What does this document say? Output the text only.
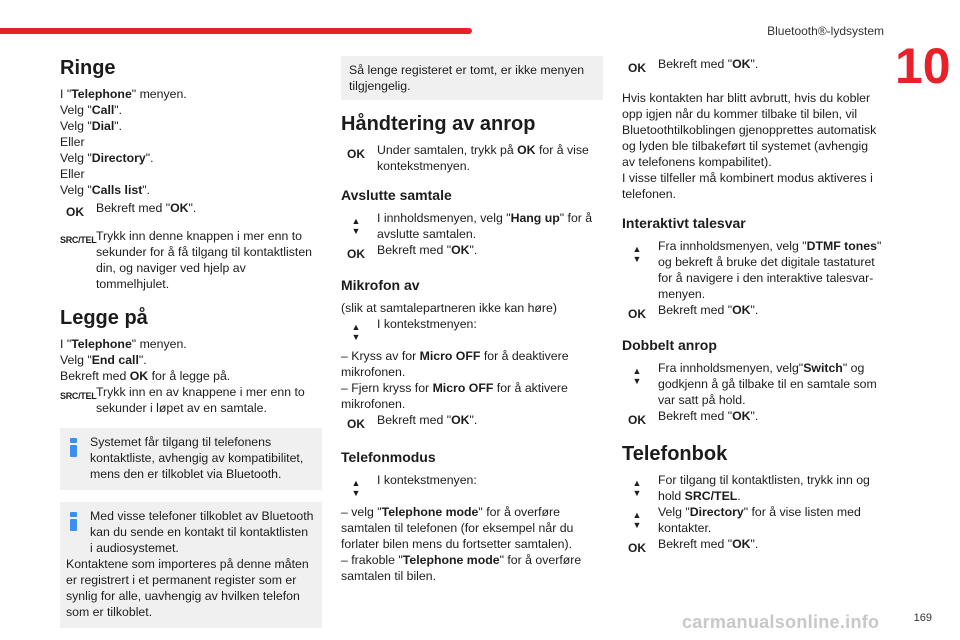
Bluetooth®-lydsystem
10
Ringe

I "Telephone" menyen.

Velg "Call".

Velg "Dial".

Eller

Velg "Directory".

Eller

Velg "Calls list".

OK Bekreft med "OK".
SRC/TEL Trykk inn denne knappen i mer enn to sekunder for å få tilgang til kontaktlisten din, og naviger ved hjelp av tommelhjulet.
Legge på

I "Telephone" menyen.

Velg "End call".

Bekreft med OK for å legge på.

SRC/TEL Trykk inn en av knappene i mer enn to sekunder i løpet av en samtale.

Systemet får tilgang til telefonens kontaktliste, avhengig av kompatibilitet, mens den er tilkoblet via Bluetooth.

Med visse telefoner tilkoblet av Bluetooth kan du sende en kontakt til kontaktlisten i audiosystemet.

Kontaktene som importeres på denne måten er registrert i et permanent register som er synlig for alle, uavhengig av hvilken telefon som er tilkoblet.

Så lenge registeret er tomt, er ikke menyen tilgjengelig.
Håndtering av anrop
OK Under samtalen, trykk på OK for å vise kontekstmenyen.
Avslutte samtale
▲
▼
I innholdsmenyen, velg "Hang up" for å avslutte samtalen.
OK Bekreft med "OK".
Mikrofon av

(slik at samtalepartneren ikke kan høre)

▲
▼
I kontekstmenyen:

– Kryss av for Micro OFF for å deaktivere mikrofonen.

– Fjern kryss for Micro OFF for å aktivere mikrofonen.

OK Bekreft med "OK".
Telefonmodus
▲
▼
I kontekstmenyen:

– velg "Telephone mode" for å overføre samtalen til telefonen (for eksempel når du forlater bilen mens du fortsetter samtalen).

– frakoble "Telephone mode" for å overføre samtalen til bilen.

OK Bekreft med "OK".

Hvis kontakten har blitt avbrutt, hvis du kobler opp igjen når du kommer tilbake til bilen, vil Bluetoothtilkoblingen gjenopprettes automatisk og lyden ble tilbakeført til systemet (avhengig av telefonens kompabilitet).

I visse tilfeller må kombinert modus aktiveres i telefonen.

Interaktivt talesvar
▲
▼
Fra innholdsmenyen, velg "DTMF tones" og bekreft å bruke det digitale tastaturet for å navigere i den interaktive talesvar-menyen.
OK Bekreft med "OK".
Dobbelt anrop
▲
▼
Fra innholdsmenyen, velg"Switch" og godkjenn å gå tilbake til en samtale som var satt på hold.
OK Bekreft med "OK".
Telefonbok
▲
▼
For tilgang til kontaktlisten, trykk inn og hold SRC/TEL.
▲
▼
Velg "Directory" for å vise listen med kontakter.
OK Bekreft med "OK".
carmanualsonline.info	169
